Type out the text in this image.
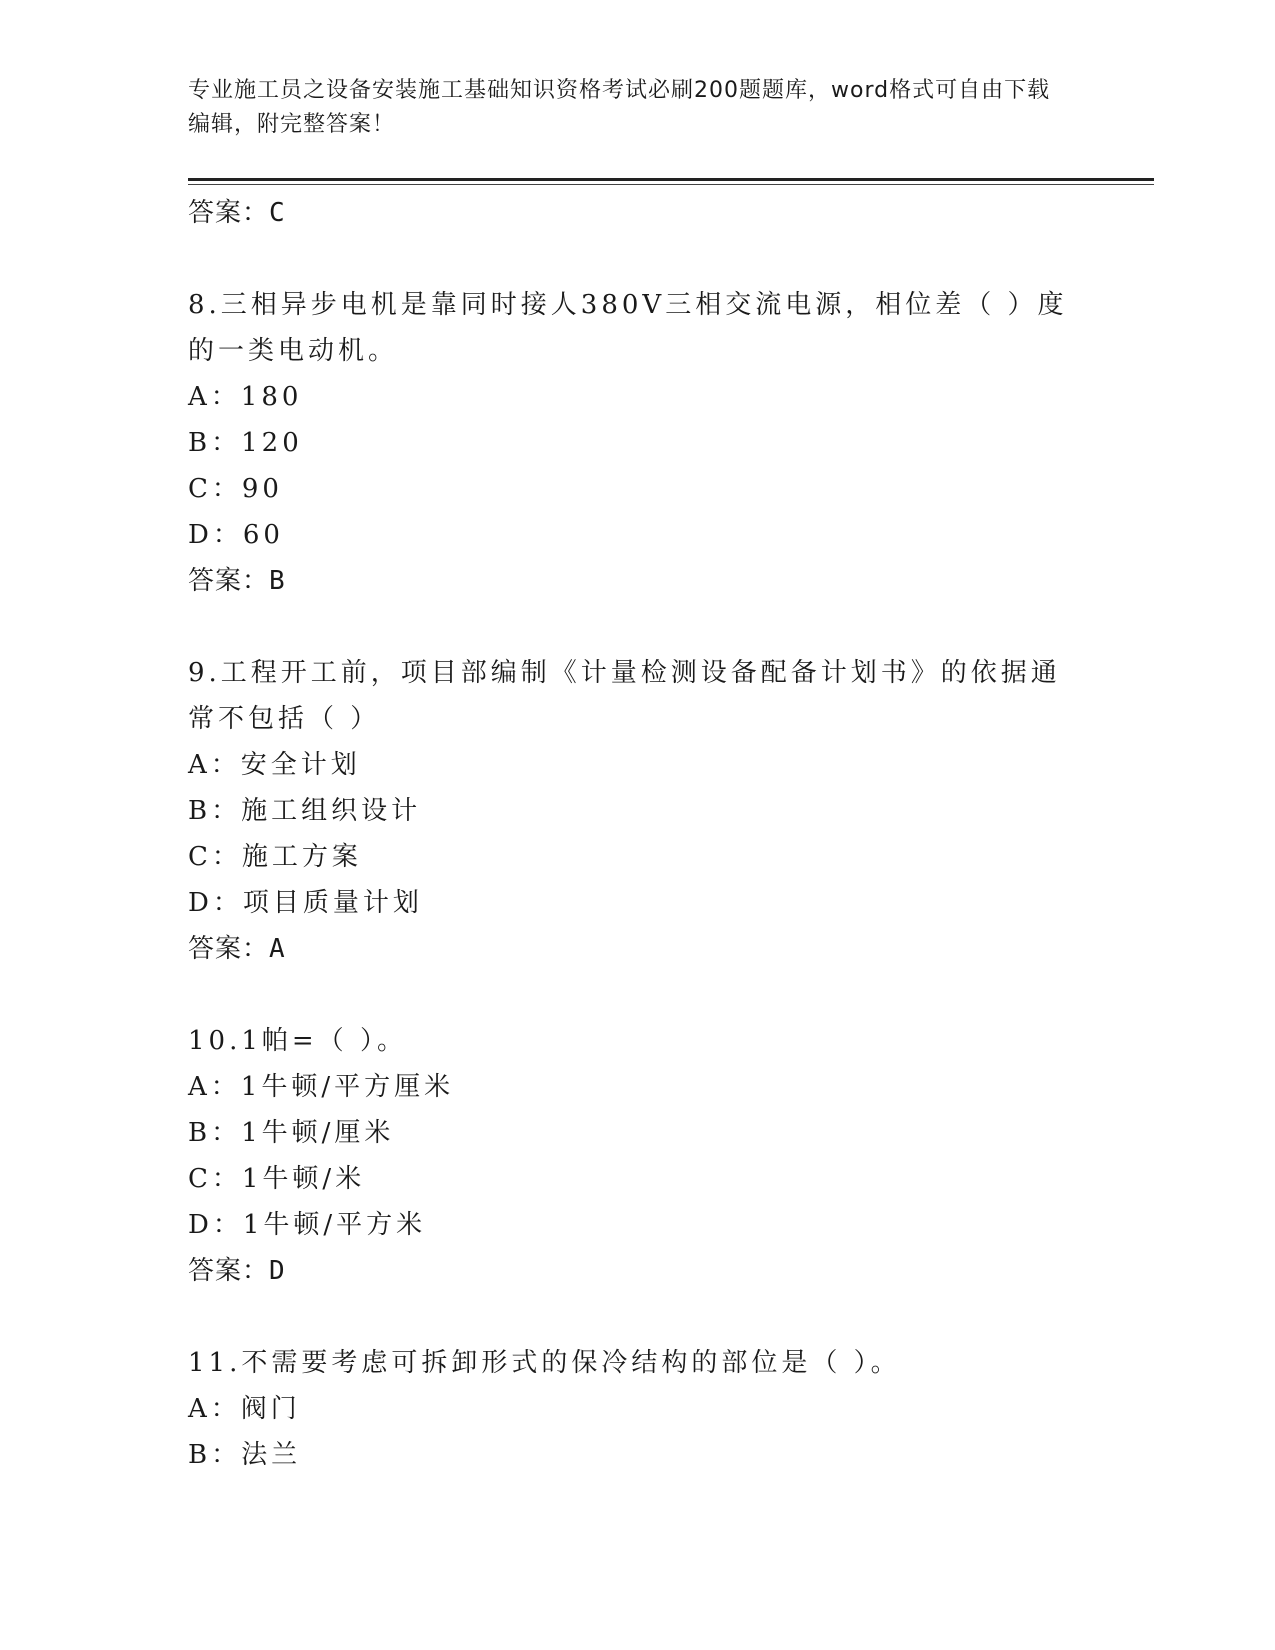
专业施工员之设备安装施工基础知识资格考试必刷200题题库，word格式可自由下载编辑，附完整答案！
答案：C
8.三相异步电机是靠同时接人380V三相交流电源，相位差（ ）度的一类电动机。
A：180
B：120
C：90
D：60
答案：B
9.工程开工前，项目部编制《计量检测设备配备计划书》的依据通常不包括（ ）
A：安全计划
B：施工组织设计
C：施工方案
D：项目质量计划
答案：A
10.1帕=（ ）。
A：1牛顿/平方厘米
B：1牛顿/厘米
C：1牛顿/米
D：1牛顿/平方米
答案：D
11.不需要考虑可拆卸形式的保冷结构的部位是（ ）。
A：阀门
B：法兰
